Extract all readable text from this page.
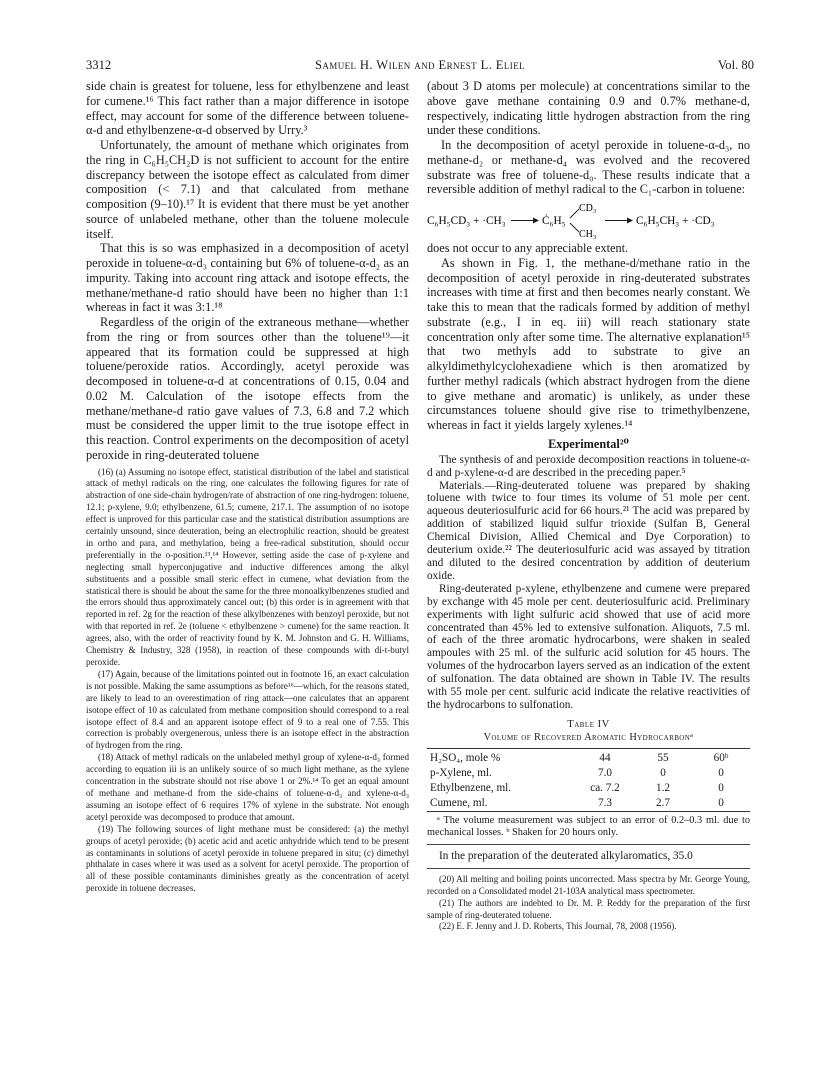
3312	Samuel H. Wilen and Ernest L. Eliel	Vol. 80

side chain is greatest for toluene, less for ethylbenzene and least for cumene.¹⁶ This fact rather than a major difference in isotope effect, may account for some of the difference between toluene-α-d and ethylbenzene-α-d observed by Urry.³

Unfortunately, the amount of methane which originates from the ring in C₆H₅CH₂D is not sufficient to account for the entire discrepancy between the isotope effect as calculated from dimer composition (< 7.1) and that calculated from methane composition (9–10).¹⁷ It is evident that there must be yet another source of unlabeled methane, other than the toluene molecule itself.

That this is so was emphasized in a decomposition of acetyl peroxide in toluene-α-d₃ containing but 6% of toluene-α-d₂ as an impurity. Taking into account ring attack and isotope effects, the methane/methane-d ratio should have been no higher than 1:1 whereas in fact it was 3:1.¹⁸

Regardless of the origin of the extraneous methane—whether from the ring or from sources other than the toluene¹⁹—it appeared that its formation could be suppressed at high toluene/peroxide ratios. Accordingly, acetyl peroxide was decomposed in toluene-α-d at concentrations of 0.15, 0.04 and 0.02 M. Calculation of the isotope effects from the methane/methane-d ratio gave values of 7.3, 6.8 and 7.2 which must be considered the upper limit to the true isotope effect in this reaction. Control experiments on the decomposition of acetyl peroxide in ring-deuterated toluene

(16) (a) Assuming no isotope effect, statistical distribution of the label and statistical attack of methyl radicals on the ring, one calculates the following figures for rate of abstraction of one side-chain hydrogen/rate of abstraction of one ring-hydrogen: toluene, 12.1; p-xylene, 9.0; ethylbenzene, 61.5; cumene, 217.1. The assumption of no isotope effect is unproved for this particular case and the statistical distribution assumptions are certainly unsound, since deuteration, being an electrophilic reaction, should be greatest in ortho and para, and methylation, being a free-radical substitution, should occur preferentially in the o-position.¹³,¹⁴ However, setting aside the case of p-xylene and neglecting small hyperconjugative and inductive differences among the alkyl substituents and a possible small steric effect in cumene, what deviation from the statistical there is should be about the same for the three monoalkylbenzenes studied and the errors should thus approximately cancel out; (b) this order is in agreement with that reported in ref. 2g for the reaction of these alkylbenzenes with benzoyl peroxide, but not with that reported in ref. 2e (toluene < ethylbenzene > cumene) for the same reaction. It agrees, also, with the order of reactivity found by K. M. Johnston and G. H. Williams, Chemistry & Industry, 328 (1958), in reaction of these compounds with di-t-butyl peroxide.

(17) Again, because of the limitations pointed out in footnote 16, an exact calculation is not possible. Making the same assumptions as before¹⁶—which, for the reasons stated, are likely to lead to an overestimation of ring attack—one calculates that an apparent isotope effect of 10 as calculated from methane composition should correspond to a real isotope effect of 8.4 and an apparent isotope effect of 9 to a real one of 7.55. This correction is probably overgenerous, unless there is an isotope effect in the abstraction of hydrogen from the ring.

(18) Attack of methyl radicals on the unlabeled methyl group of xylene-α-d₃ formed according to equation iii is an unlikely source of so much light methane, as the xylene concentration in the substrate should not rise above 1 or 2%.¹⁴ To get an equal amount of methane and methane-d from the side-chains of toluene-α-d₃ and xylene-α-d₃ assuming an isotope effect of 6 requires 17% of xylene in the substrate. Not enough acetyl peroxide was decomposed to produce that amount.

(19) The following sources of light methane must be considered: (a) the methyl groups of acetyl peroxide; (b) acetic acid and acetic anhydride which tend to be present as contaminants in solutions of acetyl peroxide in toluene prepared in situ; (c) dimethyl phthalate in cases where it was used as a solvent for acetyl peroxide. The proportion of all of these possible contaminants diminishes greatly as the concentration of acetyl peroxide in toluene decreases.

(about 3 D atoms per molecule) at concentrations similar to the above gave methane containing 0.9 and 0.7% methane-d, respectively, indicating little hydrogen abstraction from the ring under these conditions.

In the decomposition of acetyl peroxide in toluene-α-d₃, no methane-d₂ or methane-d₄ was evolved and the recovered substrate was free of toluene-d₀. These results indicate that a reversible addition of methyl radical to the C₁-carbon in toluene:

C₆H₅CD₃ + ·CH₃	Ċ₆H₅
CD₃
CH₃
C₆H₅CH₃ + ·CD₃

does not occur to any appreciable extent.

As shown in Fig. 1, the methane-d/methane ratio in the decomposition of acetyl peroxide in ring-deuterated substrates increases with time at first and then becomes nearly constant. We take this to mean that the radicals formed by addition of methyl substrate (e.g., I in eq. iii) will reach stationary state concentration only after some time. The alternative explanation¹⁵ that two methyls add to substrate to give an alkyldimethylcyclohexadiene which is then aromatized by further methyl radicals (which abstract hydrogen from the diene to give methane and aromatic) is unlikely, as under these circumstances toluene should give rise to trimethylbenzene, whereas in fact it yields largely xylenes.¹⁴

Experimental²⁰

The synthesis of and peroxide decomposition reactions in toluene-α-d and p-xylene-α-d are described in the preceding paper.⁵

Materials.—Ring-deuterated toluene was prepared by shaking toluene with twice to four times its volume of 51 mole per cent. aqueous deuteriosulfuric acid for 66 hours.²¹ The acid was prepared by addition of stabilized liquid sulfur trioxide (Sulfan B, General Chemical Division, Allied Chemical and Dye Corporation) to deuterium oxide.²² The deuteriosulfuric acid was assayed by titration and diluted to the desired concentration by addition of deuterium oxide.

Ring-deuterated p-xylene, ethylbenzene and cumene were prepared by exchange with 45 mole per cent. deuteriosulfuric acid. Preliminary experiments with light sulfuric acid showed that use of acid more concentrated than 45% led to extensive sulfonation. Aliquots, 7.5 ml. of each of the three aromatic hydrocarbons, were shaken in sealed ampoules with 25 ml. of the sulfuric acid solution for 45 hours. The volumes of the hydrocarbon layers served as an indication of the extent of sulfonation. The data obtained are shown in Table IV. The results with 55 mole per cent. sulfuric acid indicate the relative reactivities of the hydrocarbons to sulfonation.

Table IV
Volume of Recovered Aromatic Hydrocarbonᵃ
H₂SO₄, mole %	44	55	60ᵇ
p-Xylene, ml.	7.0	0	0
Ethylbenzene, ml.	ca. 7.2	1.2	0
Cumene, ml.	7.3	2.7	0

ᵃ The volume measurement was subject to an error of 0.2–0.3 ml. due to mechanical losses. ᵇ Shaken for 20 hours only.

In the preparation of the deuterated alkylaromatics, 35.0

(20) All melting and boiling points uncorrected. Mass spectra by Mr. George Young, recorded on a Consolidated model 21-103A analytical mass spectrometer.

(21) The authors are indebted to Dr. M. P. Reddy for the preparation of the first sample of ring-deuterated toluene.

(22) E. F. Jenny and J. D. Roberts, This Journal, 78, 2008 (1956).
